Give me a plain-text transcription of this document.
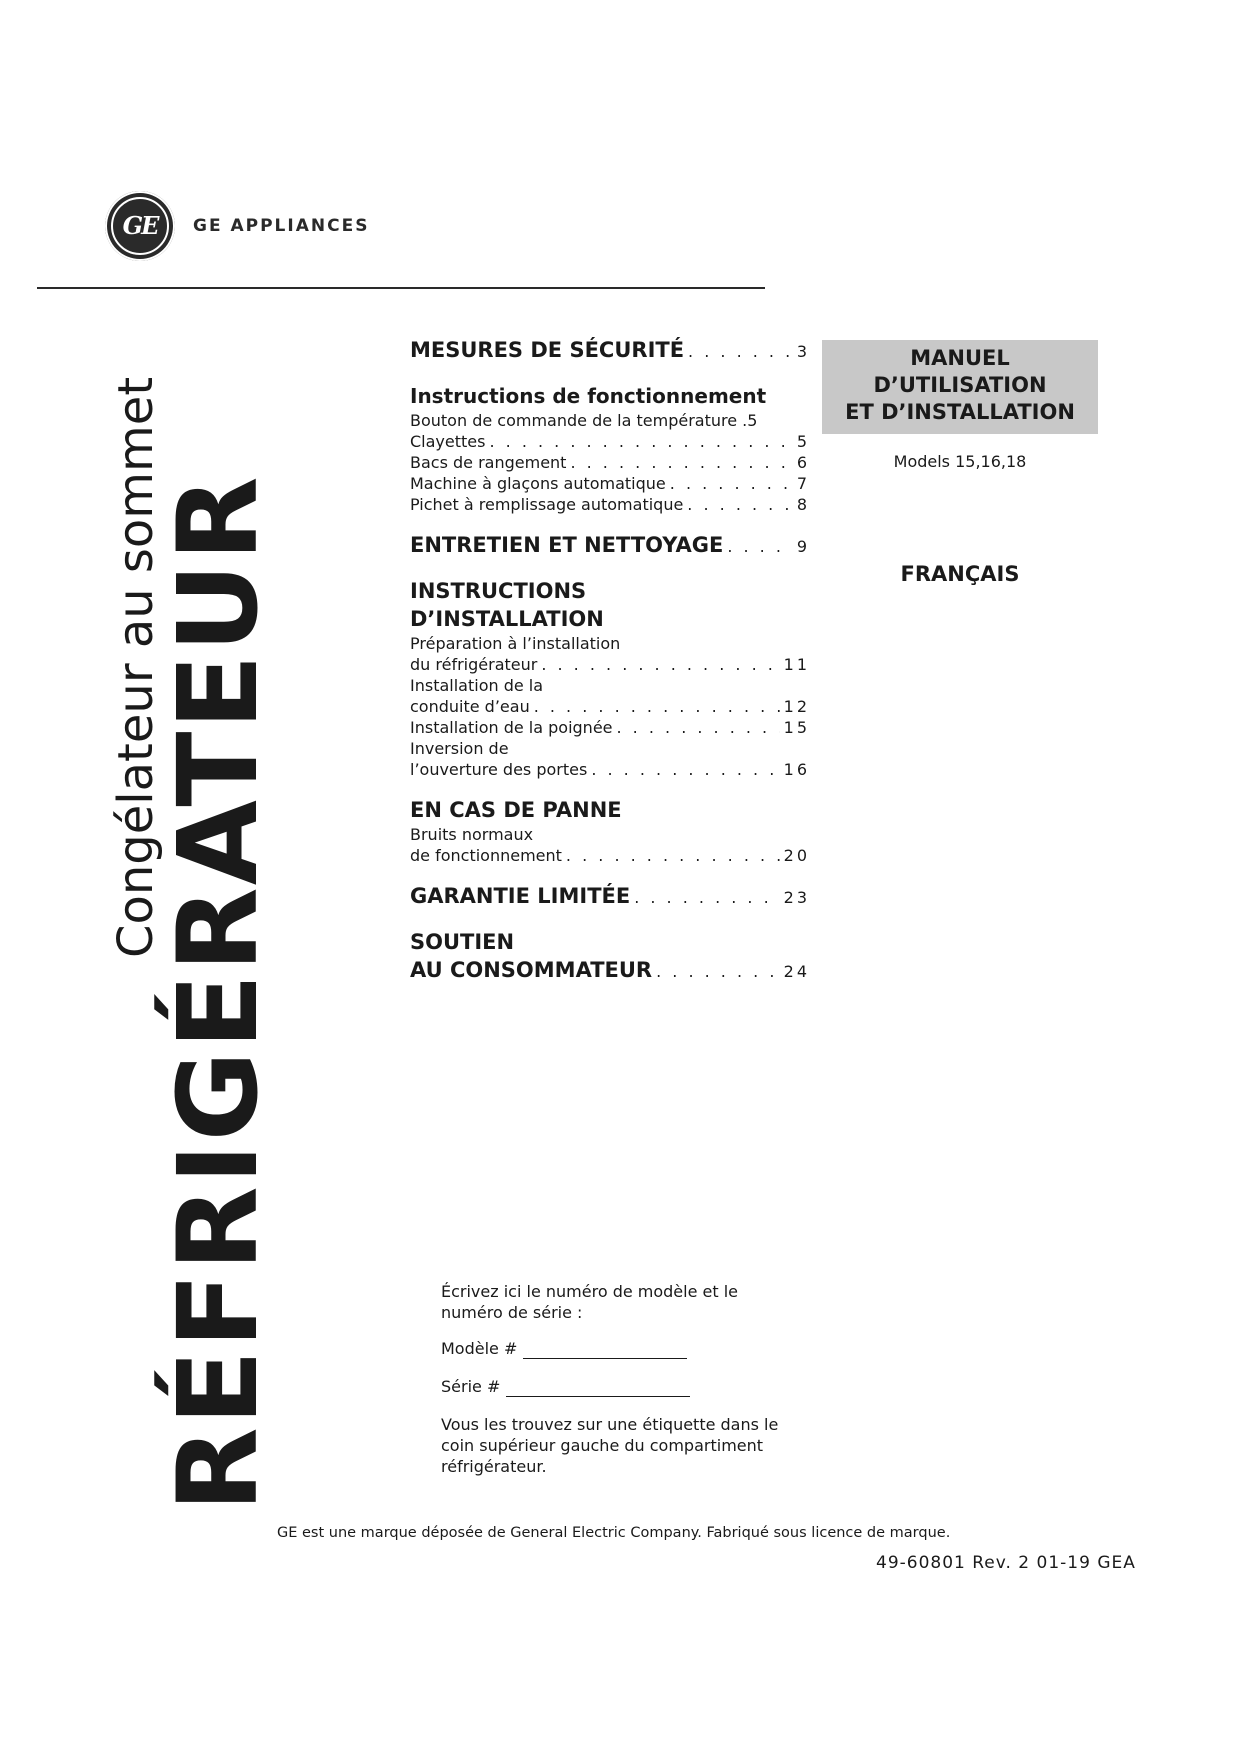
GE	GE APPLIANCES
RÉFRIGÉRATEUR
Congélateur au sommet
MESURES DE SÉCURITÉ . . .	3
Instructions de fonctionnement
Bouton de commande de la température .5
Clayettes . . .	5
Bacs de rangement . . .	6
Machine à glaçons automatique . . .	7
Pichet à remplissage automatique . . .	8
ENTRETIEN ET NETTOYAGE . . .	9
INSTRUCTIONS
D’INSTALLATION
Préparation à l’installation
du réfrigérateur . . .	11
Installation de la
conduite d’eau . . .	12
Installation de la poignée . . .	15
Inversion de
l’ouverture des portes . . .	16
EN CAS DE PANNE
Bruits normaux
de fonctionnement . . .	20
GARANTIE LIMITÉE . . .	23
SOUTIEN
AU CONSOMMATEUR . . .	24
MANUEL
D’UTILISATION
ET D’INSTALLATION
Models 15,16,18
FRANÇAIS

Écrivez ici le numéro de modèle et le numéro de série :

Modèle #
Série #

Vous les trouvez sur une étiquette dans le coin supérieur gauche du compartiment réfrigérateur.

GE est une marque déposée de General Electric Company. Fabriqué sous licence de marque.
49-60801 Rev. 2 01-19 GEA
